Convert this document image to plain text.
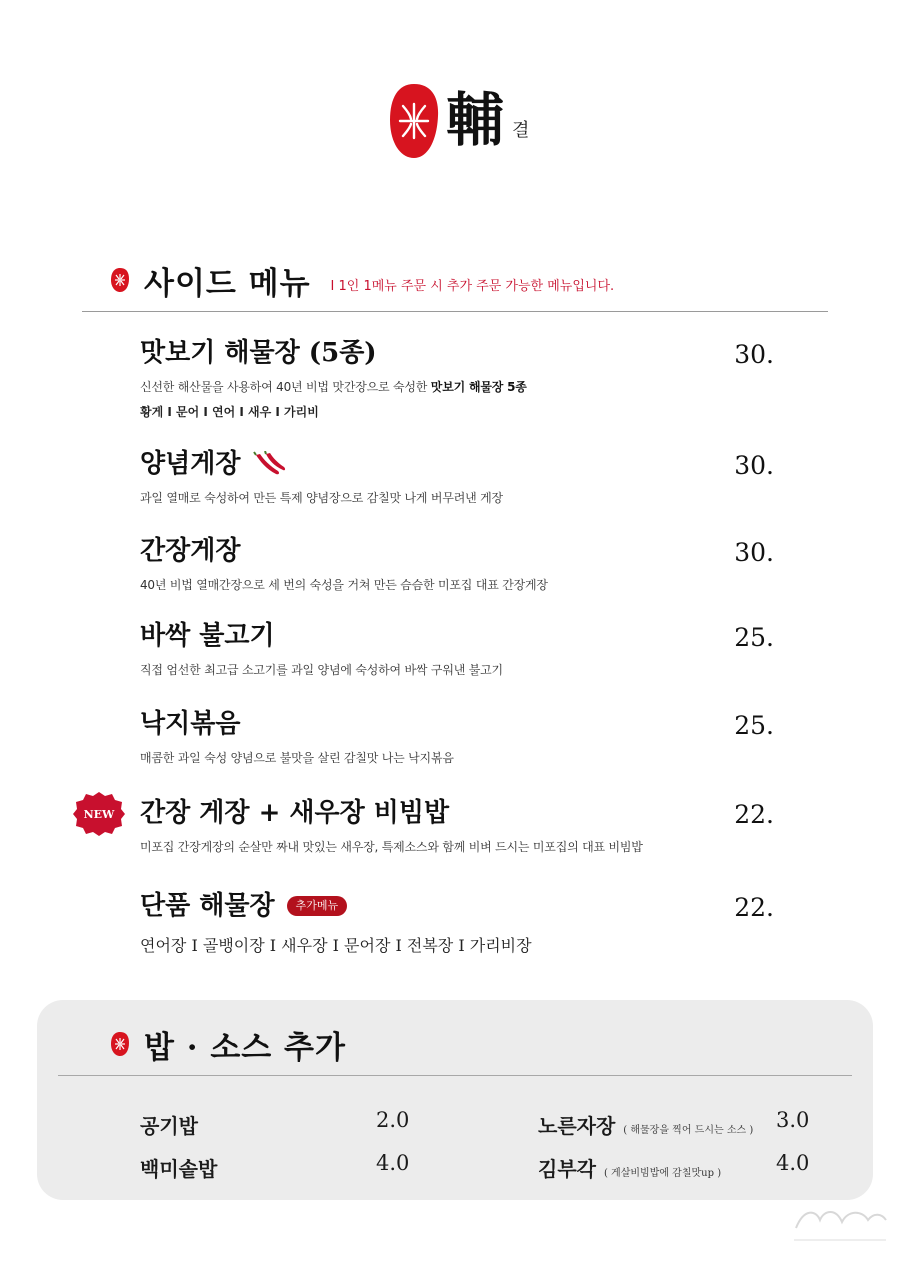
輔 결
사이드 메뉴 I 1인 1메뉴 주문 시 추가 주문 가능한 메뉴입니다.
맛보기 해물장 (5종)	30.
신선한 해산물을 사용하여 40년 비법 맛간장으로 숙성한 맛보기 해물장 5종
황게 I 문어 I 연어 I 새우 I 가리비
양념게장	30.
과일 열매로 숙성하여 만든 특제 양념장으로 감칠맛 나게 버무려낸 게장
간장게장	30.
40년 비법 열매간장으로 세 번의 숙성을 거쳐 만든 슴슴한 미포집 대표 간장게장
바싹 불고기	25.
직접 엄선한 최고급 소고기를 과일 양념에 숙성하여 바싹 구워낸 불고기
낙지볶음	25.
매콤한 과일 숙성 양념으로 불맛을 살린 감칠맛 나는 낙지볶음
NEW 간장 게장 + 새우장 비빔밥	22.
미포집 간장게장의 순살만 짜내 맛있는 새우장, 특제소스와 함께 비벼 드시는 미포집의 대표 비빔밥
단품 해물장	추가메뉴	22.
연어장 I 골뱅이장 I 새우장 I 문어장 I 전복장 I 가리비장
밥 · 소스 추가
공기밥	2.0
백미솥밥	4.0
노른자장 ( 해물장을 찍어 드시는 소스 ) 3.0
김부각 ( 게살비빔밥에 감칠맛up )	4.0
